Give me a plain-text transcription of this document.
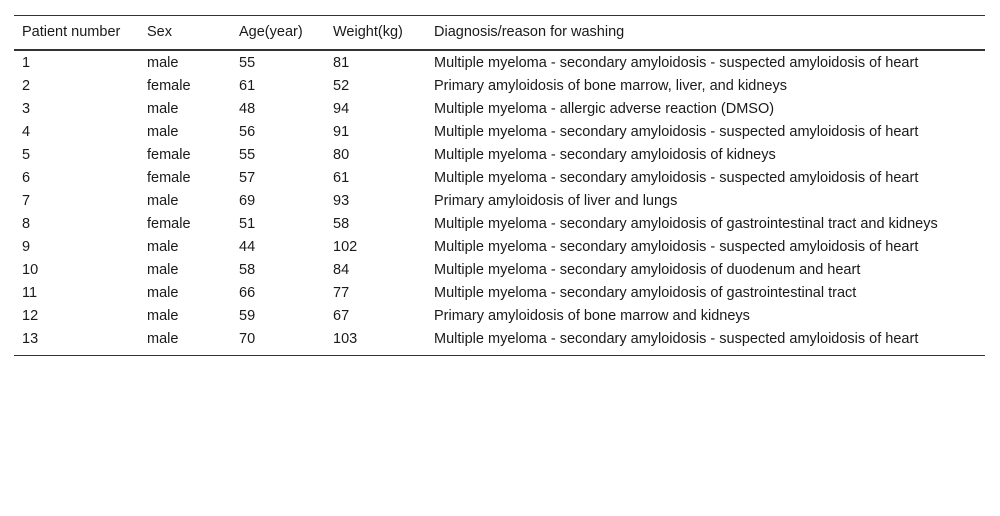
Patient number	Sex	Age(year)	Weight(kg)	Diagnosis/reason for washing
1	male	55	81	Multiple myeloma - secondary amyloidosis - suspected amyloidosis of heart
2	female	61	52	Primary amyloidosis of bone marrow, liver, and kidneys
3	male	48	94	Multiple myeloma - allergic adverse reaction (DMSO)
4	male	56	91	Multiple myeloma - secondary amyloidosis - suspected amyloidosis of heart
5	female	55	80	Multiple myeloma - secondary amyloidosis of kidneys
6	female	57	61	Multiple myeloma - secondary amyloidosis - suspected amyloidosis of heart
7	male	69	93	Primary amyloidosis of liver and lungs
8	female	51	58	Multiple myeloma - secondary amyloidosis of gastrointestinal tract and kidneys
9	male	44	102	Multiple myeloma - secondary amyloidosis - suspected amyloidosis of heart
10	male	58	84	Multiple myeloma - secondary amyloidosis of duodenum and heart
11	male	66	77	Multiple myeloma - secondary amyloidosis of gastrointestinal tract
12	male	59	67	Primary amyloidosis of bone marrow and kidneys
13	male	70	103	Multiple myeloma - secondary amyloidosis - suspected amyloidosis of heart
